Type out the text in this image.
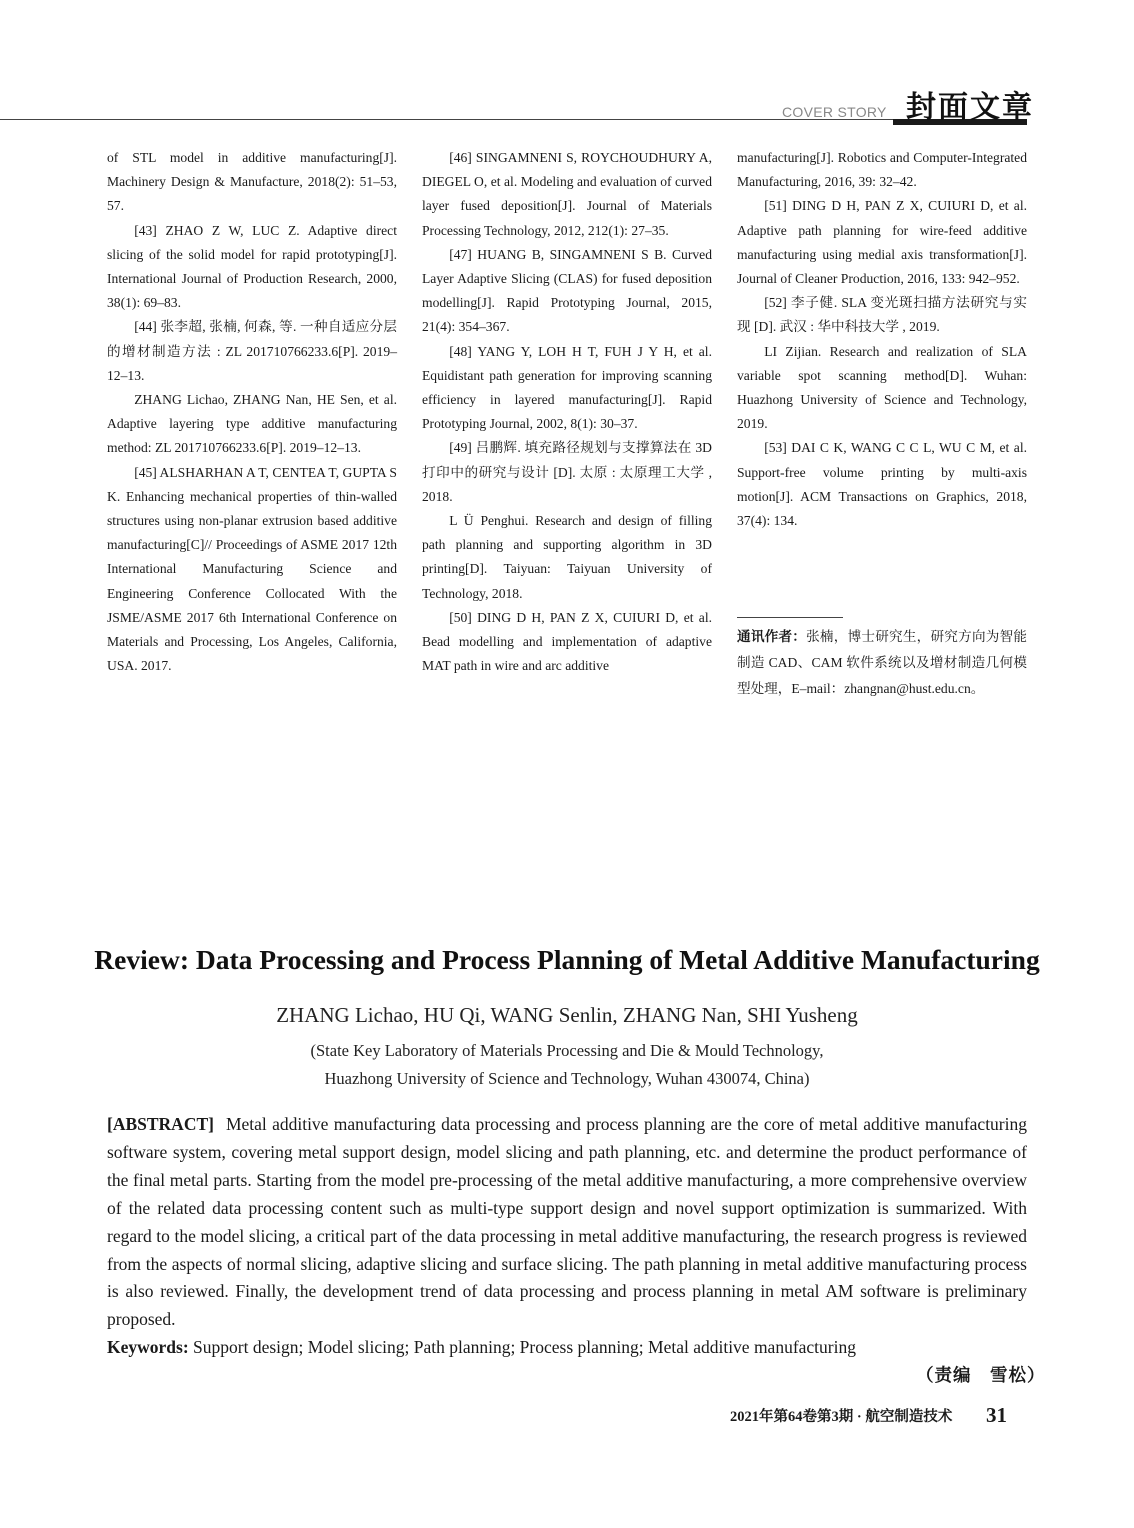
COVER STORY 封面文章

of STL model in additive manufacturing[J]. Machinery Design & Manufacture, 2018(2): 51–53, 57.

[43] ZHAO Z W, LUC Z. Adaptive direct slicing of the solid model for rapid prototyping[J]. International Journal of Production Research, 2000, 38(1): 69–83.

[44] 张李超, 张楠, 何森, 等. 一种自适应分层的增材制造方法 : ZL 201710766233.6[P]. 2019–12–13.

ZHANG Lichao, ZHANG Nan, HE Sen, et al. Adaptive layering type additive manufacturing method: ZL 201710766233.6[P]. 2019–12–13.

[45] ALSHARHAN A T, CENTEA T, GUPTA S K. Enhancing mechanical properties of thin-walled structures using non-planar extrusion based additive manufacturing[C]// Proceedings of ASME 2017 12th International Manufacturing Science and Engineering Conference Collocated With the JSME/ASME 2017 6th International Conference on Materials and Processing, Los Angeles, California, USA. 2017.

[46] SINGAMNENI S, ROYCHOUDHURY A, DIEGEL O, et al. Modeling and evaluation of curved layer fused deposition[J]. Journal of Materials Processing Technology, 2012, 212(1): 27–35.

[47] HUANG B, SINGAMNENI S B. Curved Layer Adaptive Slicing (CLAS) for fused deposition modelling[J]. Rapid Prototyping Journal, 2015, 21(4): 354–367.

[48] YANG Y, LOH H T, FUH J Y H, et al. Equidistant path generation for improving scanning efficiency in layered manufacturing[J]. Rapid Prototyping Journal, 2002, 8(1): 30–37.

[49] 吕鹏辉. 填充路径规划与支撑算法在 3D 打印中的研究与设计 [D]. 太原 : 太原理工大学 , 2018.

L Ü Penghui. Research and design of filling path planning and supporting algorithm in 3D printing[D]. Taiyuan: Taiyuan University of Technology, 2018.

[50] DING D H, PAN Z X, CUIURI D, et al. Bead modelling and implementation of adaptive MAT path in wire and arc additive

manufacturing[J]. Robotics and Computer-Integrated Manufacturing, 2016, 39: 32–42.

[51] DING D H, PAN Z X, CUIURI D, et al. Adaptive path planning for wire-feed additive manufacturing using medial axis transformation[J]. Journal of Cleaner Production, 2016, 133: 942–952.

[52] 李子健. SLA 变光斑扫描方法研究与实现 [D]. 武汉 : 华中科技大学 , 2019.

LI Zijian. Research and realization of SLA variable spot scanning method[D]. Wuhan: Huazhong University of Science and Technology, 2019.

[53] DAI C K, WANG C C L, WU C M, et al. Support-free volume printing by multi-axis motion[J]. ACM Transactions on Graphics, 2018, 37(4): 134.

通讯作者：张楠，博士研究生，研究方向为智能制造 CAD、CAM 软件系统以及增材制造几何模型处理，E–mail：zhangnan@hust.edu.cn。
Review: Data Processing and Process Planning of Metal Additive Manufacturing
ZHANG Lichao, HU Qi, WANG Senlin, ZHANG Nan, SHI Yusheng
(State Key Laboratory of Materials Processing and Die & Mould Technology,
Huazhong University of Science and Technology, Wuhan 430074, China)
[ABSTRACT] Metal additive manufacturing data processing and process planning are the core of metal additive manufacturing software system, covering metal support design, model slicing and path planning, etc. and determine the product performance of the final metal parts. Starting from the model pre-processing of the metal additive manufacturing, a more comprehensive overview of the related data processing content such as multi-type support design and novel support optimization is summarized. With regard to the model slicing, a critical part of the data processing in metal additive manufacturing, the research progress is reviewed from the aspects of normal slicing, adaptive slicing and surface slicing. The path planning in metal additive manufacturing process is also reviewed. Finally, the development trend of data processing and process planning in metal AM software is preliminary proposed.
Keywords: Support design; Model slicing; Path planning; Process planning; Metal additive manufacturing
（责编　雪松）
2021年第64卷第3期 · 航空制造技术 31
